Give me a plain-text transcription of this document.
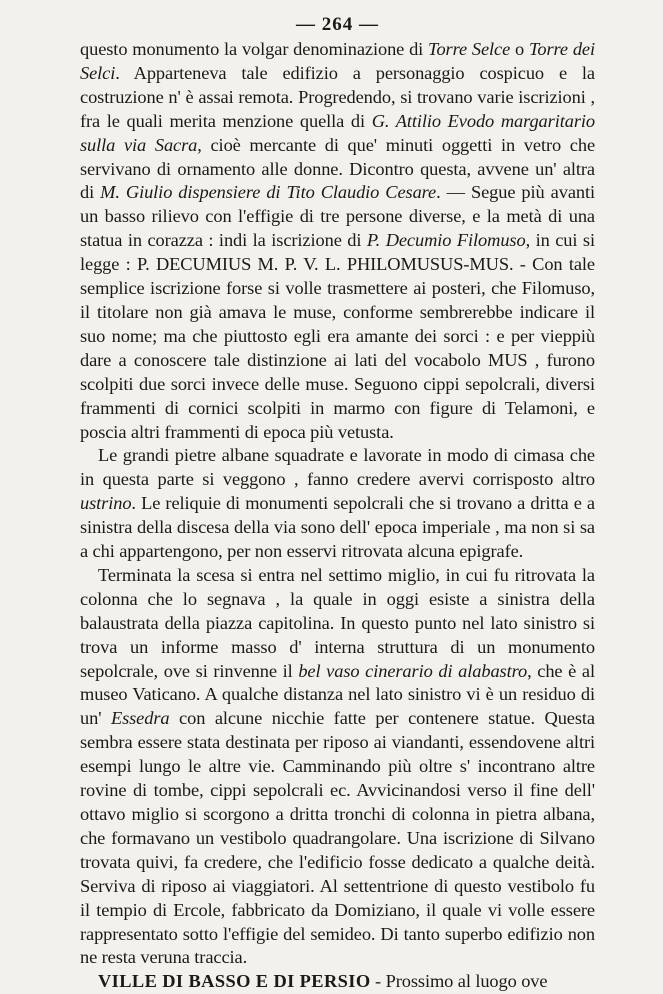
— 264 —

questo monumento la volgar denominazione di Torre Selce o Torre dei Selci. Apparteneva tale edifizio a personaggio cospicuo e la costruzione n' è assai remota. Progredendo, si trovano varie iscrizioni , fra le quali merita menzione quella di G. Attilio Evodo margaritario sulla via Sacra, cioè mercante di que' minuti oggetti in vetro che servivano di ornamento alle donne. Dicontro questa, avvene un' altra di M. Giulio dispensiere di Tito Claudio Cesare. — Segue più avanti un basso rilievo con l'effigie di tre persone diverse, e la metà di una statua in corazza : indi la iscrizione di P. Decumio Filomuso, in cui si legge : P. DECUMIUS M. P. V. L. PHILOMUSUS-MUS. - Con tale semplice iscrizione forse si volle trasmettere ai posteri, che Filomuso, il titolare non già amava le muse, conforme sembrerebbe indicare il suo nome; ma che piuttosto egli era amante dei sorci : e per vieppiù dare a conoscere tale distinzione ai lati del vocabolo MUS , furono scolpiti due sorci invece delle muse. Seguono cippi sepolcrali, diversi frammenti di cornici scolpiti in marmo con figure di Telamoni, e poscia altri frammenti di epoca più vetusta.

Le grandi pietre albane squadrate e lavorate in modo di cimasa che in questa parte si veggono , fanno credere avervi corrisposto altro ustrino. Le reliquie di monumenti sepolcrali che si trovano a dritta e a sinistra della discesa della via sono dell' epoca imperiale , ma non si sa a chi appartengono, per non esservi ritrovata alcuna epigrafe.

Terminata la scesa si entra nel settimo miglio, in cui fu ritrovata la colonna che lo segnava , la quale in oggi esiste a sinistra della balaustrata della piazza capitolina. In questo punto nel lato sinistro si trova un informe masso d' interna struttura di un monumento sepolcrale, ove si rinvenne il bel vaso cinerario di alabastro, che è al museo Vaticano. A qualche distanza nel lato sinistro vi è un residuo di un' Essedra con alcune nicchie fatte per contenere statue. Questa sembra essere stata destinata per riposo ai viandanti, essendovene altri esempi lungo le altre vie. Camminando più oltre s' incontrano altre rovine di tombe, cippi sepolcrali ec. Avvicinandosi verso il fine dell' ottavo miglio si scorgono a dritta tronchi di colonna in pietra albana, che formavano un vestibolo quadrangolare. Una iscrizione di Silvano trovata quivi, fa credere, che l'edificio fosse dedicato a qualche deità. Serviva di riposo ai viaggiatori. Al settentrione di questo vestibolo fu il tempio di Ercole, fabbricato da Domiziano, il quale vi volle essere rappresentato sotto l'effigie del semideo. Di tanto superbo edifizio non ne resta veruna traccia.

VILLE DI BASSO E DI PERSIO - Prossimo al luogo ove
